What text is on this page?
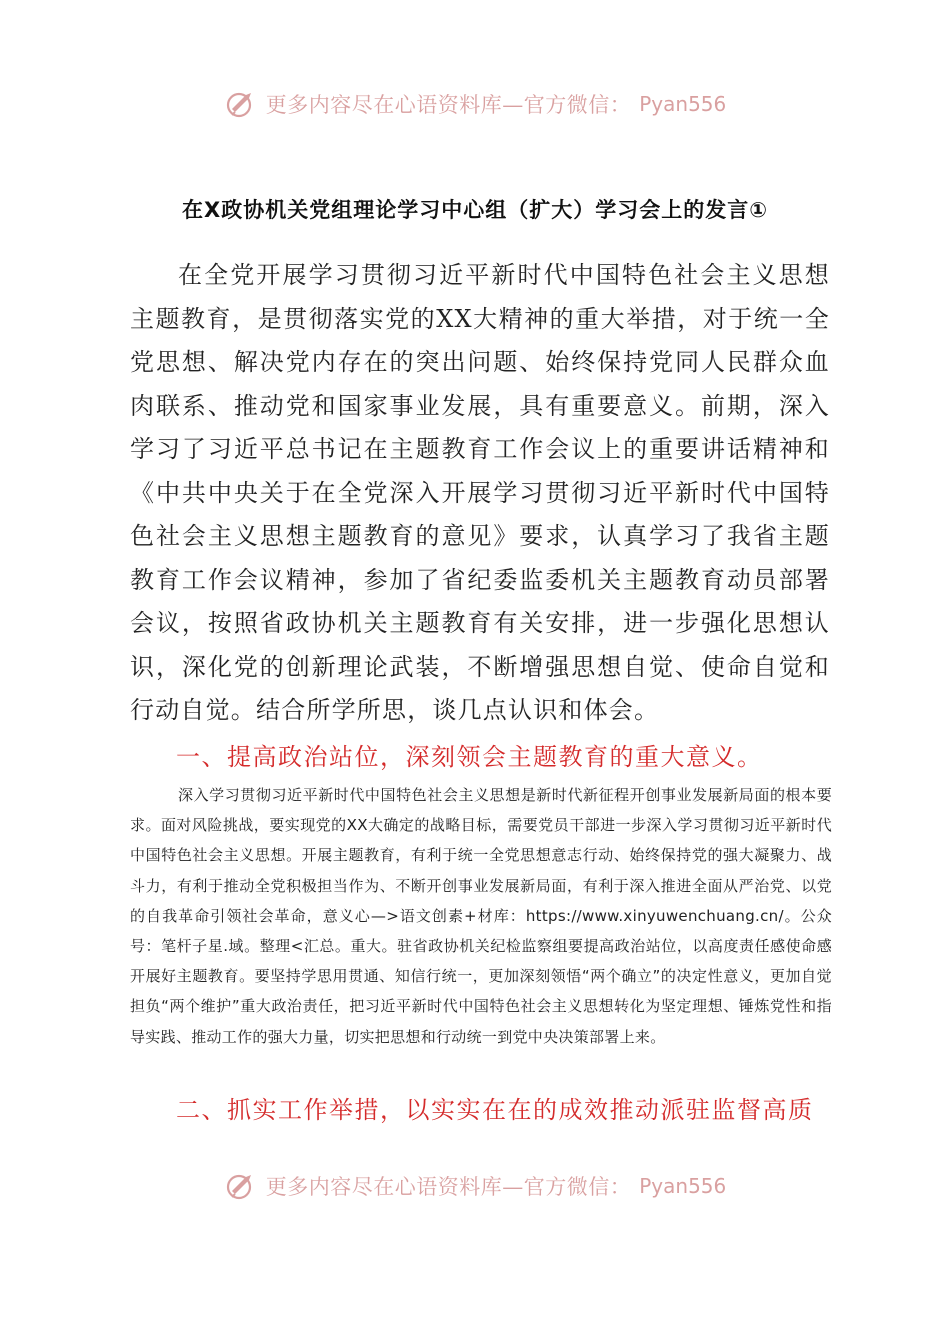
更多内容尽在心语资料库—官方微信： Pyan556
在X政协机关党组理论学习中心组（扩大）学习会上的发言①

在全党开展学习贯彻习近平新时代中国特色社会主义思想主题教育，是贯彻落实党的XX大精神的重大举措，对于统一全党思想、解决党内存在的突出问题、始终保持党同人民群众血肉联系、推动党和国家事业发展，具有重要意义。前期，深入学习了习近平总书记在主题教育工作会议上的重要讲话精神和《中共中央关于在全党深入开展学习贯彻习近平新时代中国特色社会主义思想主题教育的意见》要求，认真学习了我省主题教育工作会议精神，参加了省纪委监委机关主题教育动员部署会议，按照省政协机关主题教育有关安排，进一步强化思想认识，深化党的创新理论武装，不断增强思想自觉、使命自觉和行动自觉。结合所学所思，谈几点认识和体会。

一、提高政治站位，深刻领会主题教育的重大意义。

深入学习贯彻习近平新时代中国特色社会主义思想是新时代新征程开创事业发展新局面的根本要求。面对风险挑战，要实现党的XX大确定的战略目标，需要党员干部进一步深入学习贯彻习近平新时代中国特色社会主义思想。开展主题教育，有利于统一全党思想意志行动、始终保持党的强大凝聚力、战斗力，有利于推动全党积极担当作为、不断开创事业发展新局面，有利于深入推进全面从严治党、以党的自我革命引领社会革命，意义心—>语文创素+材库：https://www.xinyuwenchuang.cn/。公众号：笔杆子星.域。整理<汇总。重大。驻省政协机关纪检监察组要提高政治站位，以高度责任感使命感开展好主题教育。要坚持学思用贯通、知信行统一，更加深刻领悟“两个确立”的决定性意义，更加自觉担负“两个维护”重大政治责任，把习近平新时代中国特色社会主义思想转化为坚定理想、锤炼党性和指导实践、推动工作的强大力量，切实把思想和行动统一到党中央决策部署上来。

二、抓实工作举措，以实实在在的成效推动派驻监督高质

更多内容尽在心语资料库—官方微信： Pyan556
